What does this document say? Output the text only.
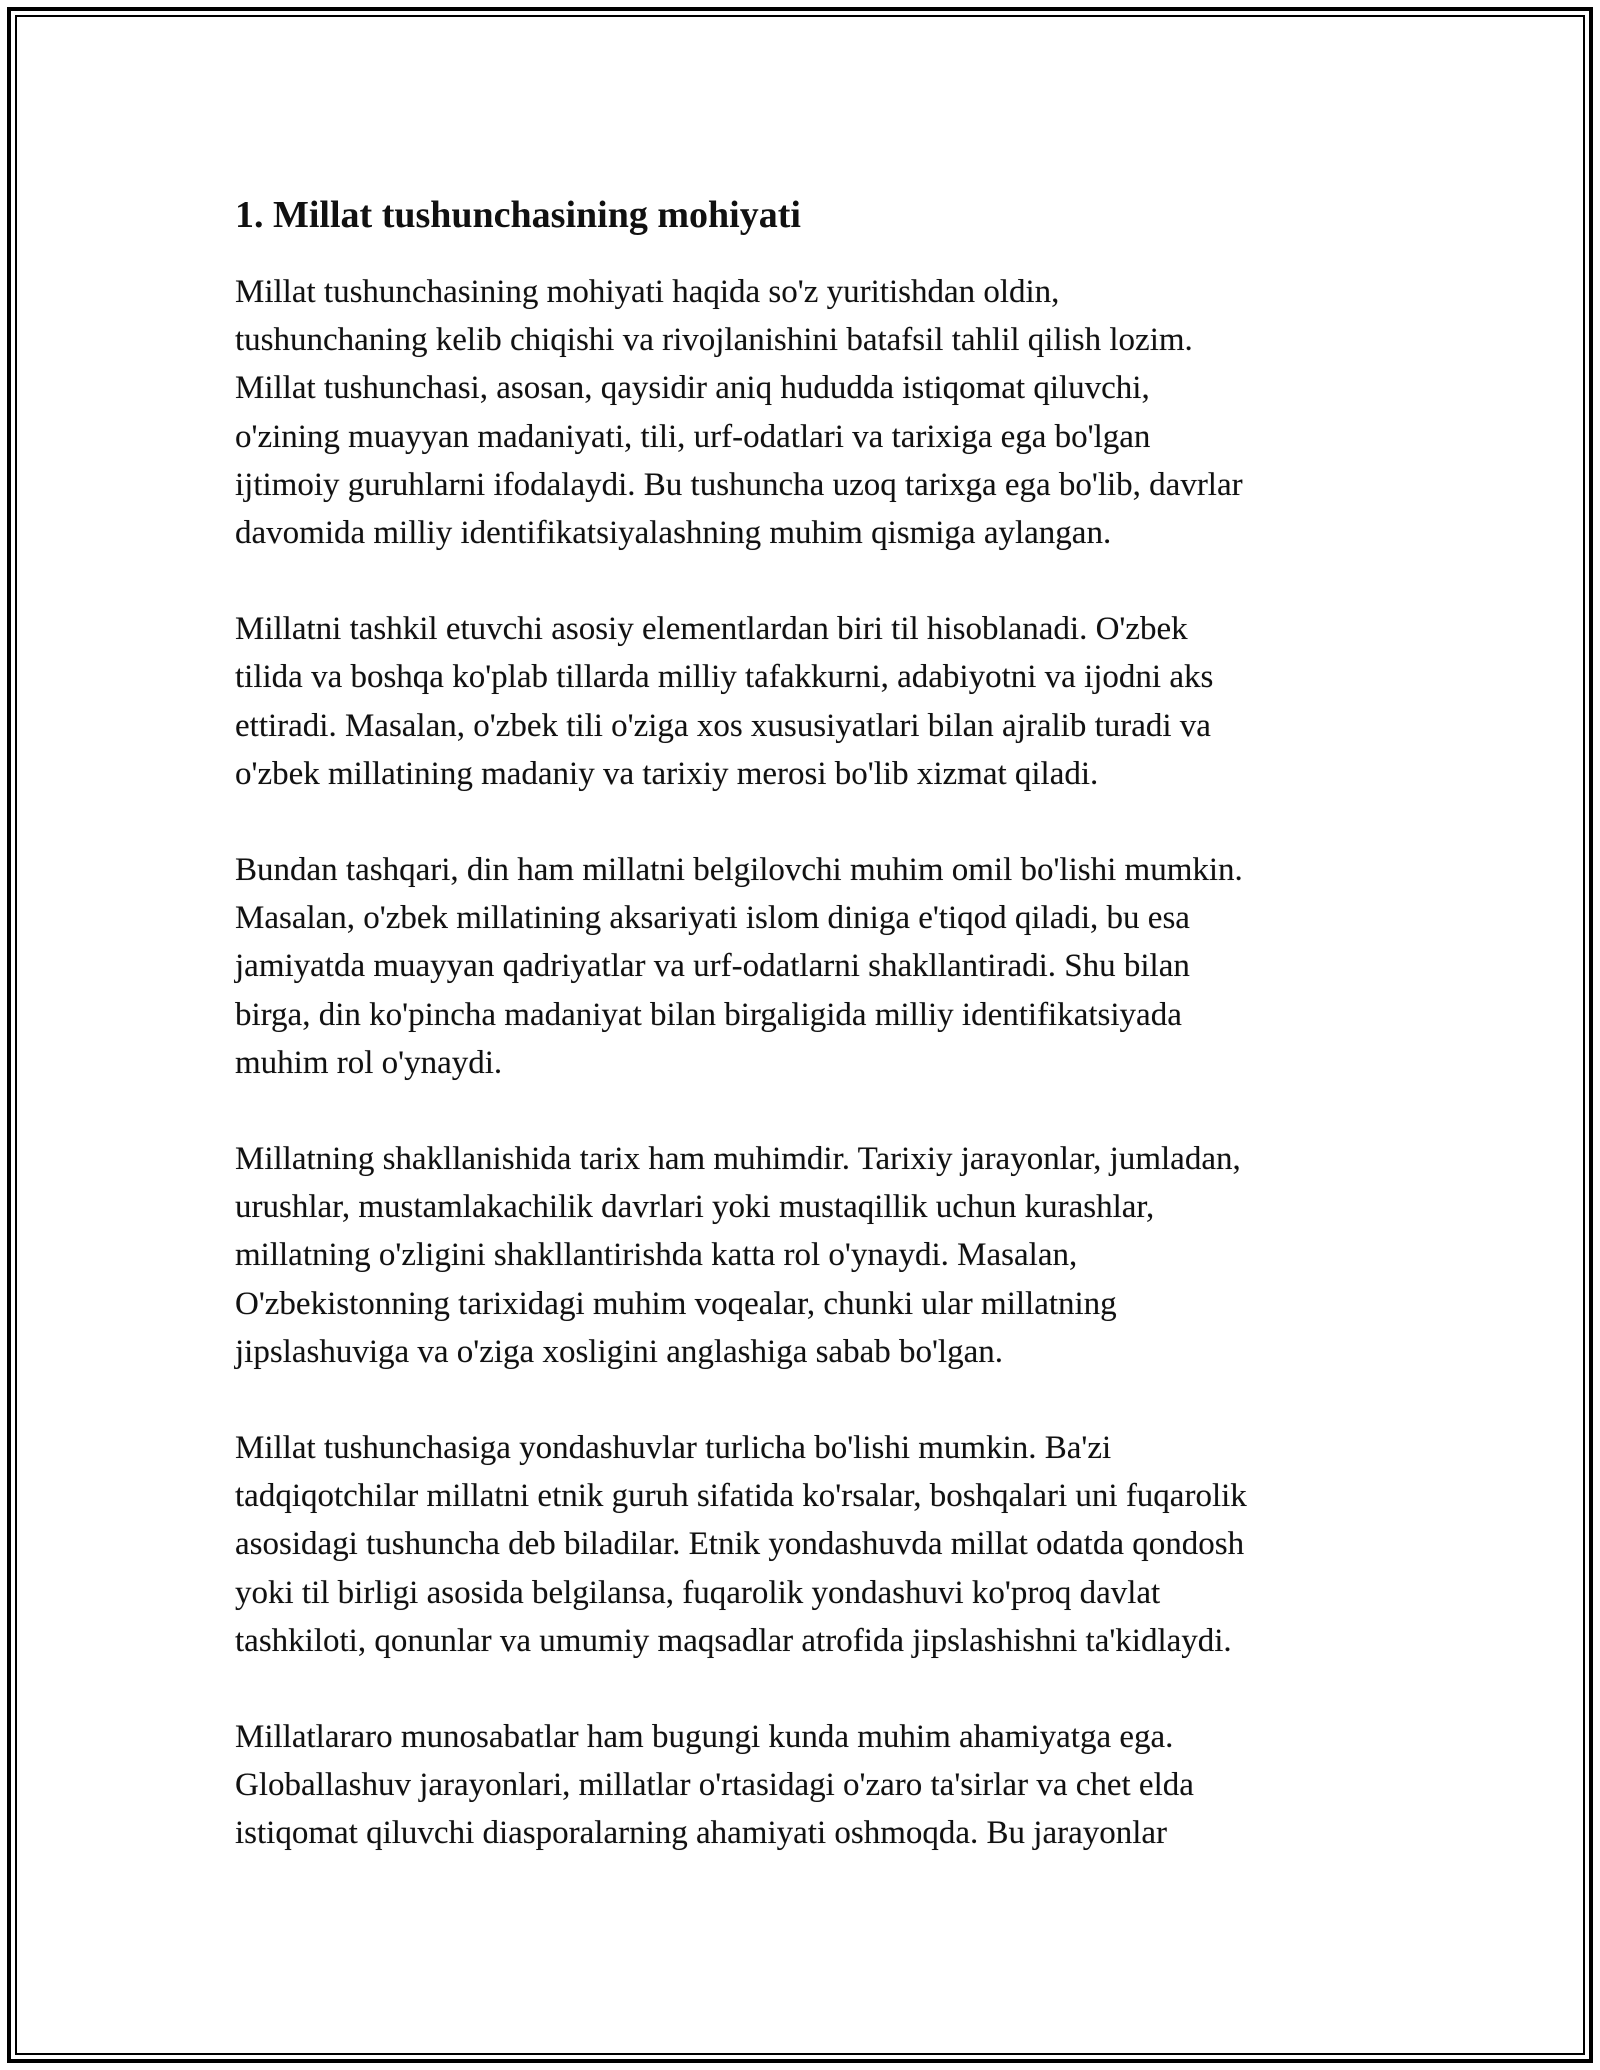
1. Millat tushunchasining mohiyati

Millat tushunchasining mohiyati haqida so'z yuritishdan oldin,
tushunchaning kelib chiqishi va rivojlanishini batafsil tahlil qilish lozim.
Millat tushunchasi, asosan, qaysidir aniq hududda istiqomat qiluvchi,
o'zining muayyan madaniyati, tili, urf-odatlari va tarixiga ega bo'lgan
ijtimoiy guruhlarni ifodalaydi. Bu tushuncha uzoq tarixga ega bo'lib, davrlar
davomida milliy identifikatsiyalashning muhim qismiga aylangan.

Millatni tashkil etuvchi asosiy elementlardan biri til hisoblanadi. O'zbek
tilida va boshqa ko'plab tillarda milliy tafakkurni, adabiyotni va ijodni aks
ettiradi. Masalan, o'zbek tili o'ziga xos xususiyatlari bilan ajralib turadi va
o'zbek millatining madaniy va tarixiy merosi bo'lib xizmat qiladi.

Bundan tashqari, din ham millatni belgilovchi muhim omil bo'lishi mumkin.
Masalan, o'zbek millatining aksariyati islom diniga e'tiqod qiladi, bu esa
jamiyatda muayyan qadriyatlar va urf-odatlarni shakllantiradi. Shu bilan
birga, din ko'pincha madaniyat bilan birgaligida milliy identifikatsiyada
muhim rol o'ynaydi.

Millatning shakllanishida tarix ham muhimdir. Tarixiy jarayonlar, jumladan,
urushlar, mustamlakachilik davrlari yoki mustaqillik uchun kurashlar,
millatning o'zligini shakllantirishda katta rol o'ynaydi. Masalan,
O'zbekistonning tarixidagi muhim voqealar, chunki ular millatning
jipslashuviga va o'ziga xosligini anglashiga sabab bo'lgan.

Millat tushunchasiga yondashuvlar turlicha bo'lishi mumkin. Ba'zi
tadqiqotchilar millatni etnik guruh sifatida ko'rsalar, boshqalari uni fuqarolik
asosidagi tushuncha deb biladilar. Etnik yondashuvda millat odatda qondosh
yoki til birligi asosida belgilansa, fuqarolik yondashuvi ko'proq davlat
tashkiloti, qonunlar va umumiy maqsadlar atrofida jipslashishni ta'kidlaydi.

Millatlararo munosabatlar ham bugungi kunda muhim ahamiyatga ega.
Globallashuv jarayonlari, millatlar o'rtasidagi o'zaro ta'sirlar va chet elda
istiqomat qiluvchi diasporalarning ahamiyati oshmoqda. Bu jarayonlar
